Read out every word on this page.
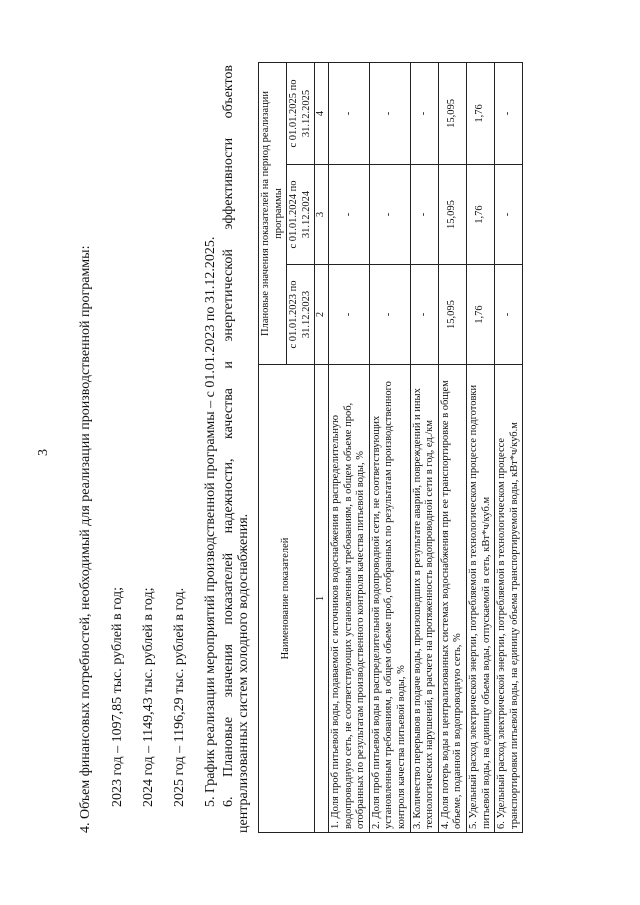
3 4. Объем финансовых потребностей, необходимый для реализации производственной программы: 2023 год – 1097,85 тыс. рублей в год; 2024 год – 1149,43 тыс. рублей в год; 2025 год – 1196,29 тыс. рублей в год. 5. График реализации мероприятий производственной программы – с 01.01.2023 по 31.12.2025. 6. Плановые значения показателей надежности, качества и энергетической эффективности объектов централизованных систем холодного водоснабжения.	Наименование показателей	Плановые значения показателей на период реализации программы		
	с 01.01.2023 по 31.12.2023	с 01.01.2024 по 31.12.2024	с 01.01.2025 по 31.12.2025
1	2	3	4
1. Доля проб питьевой воды, подаваемой с источников водоснабжения в распределительную водопроводную сеть, не соответствующих установленным требованиям, в общем объеме проб, отобранных по результатам производственного контроля качества питьевой воды, %	-	-	-
2. Доля проб питьевой воды в распределительной водопроводной сети, не соответствующих установленным требованиям, в общем объеме проб, отобранных по результатам производственного контроля качества питьевой воды, %	-	-	-
3. Количество перерывов в подаче воды, произошедших в результате аварий, повреждений и иных технологических нарушений, в расчете на протяженность водопроводной сети в год, ед./км	-	-	-
4. Доля потерь воды в централизованных системах водоснабжения при ее транспортировке в общем объеме, поданной в водопроводную сеть, %	15,095	15,095	15,095
5. Удельный расход электрической энергии, потребляемой в технологическом процессе подготовки питьевой воды, на единицу объема воды, отпускаемой в сеть, кВт*ч/куб.м	1,76	1,76	1,76
6. Удельный расход электрической энергии, потребляемой в технологическом процессе транспортировки питьевой воды, на единицу объема транспортируемой воды, кВт*ч/куб.м	-	-	-
